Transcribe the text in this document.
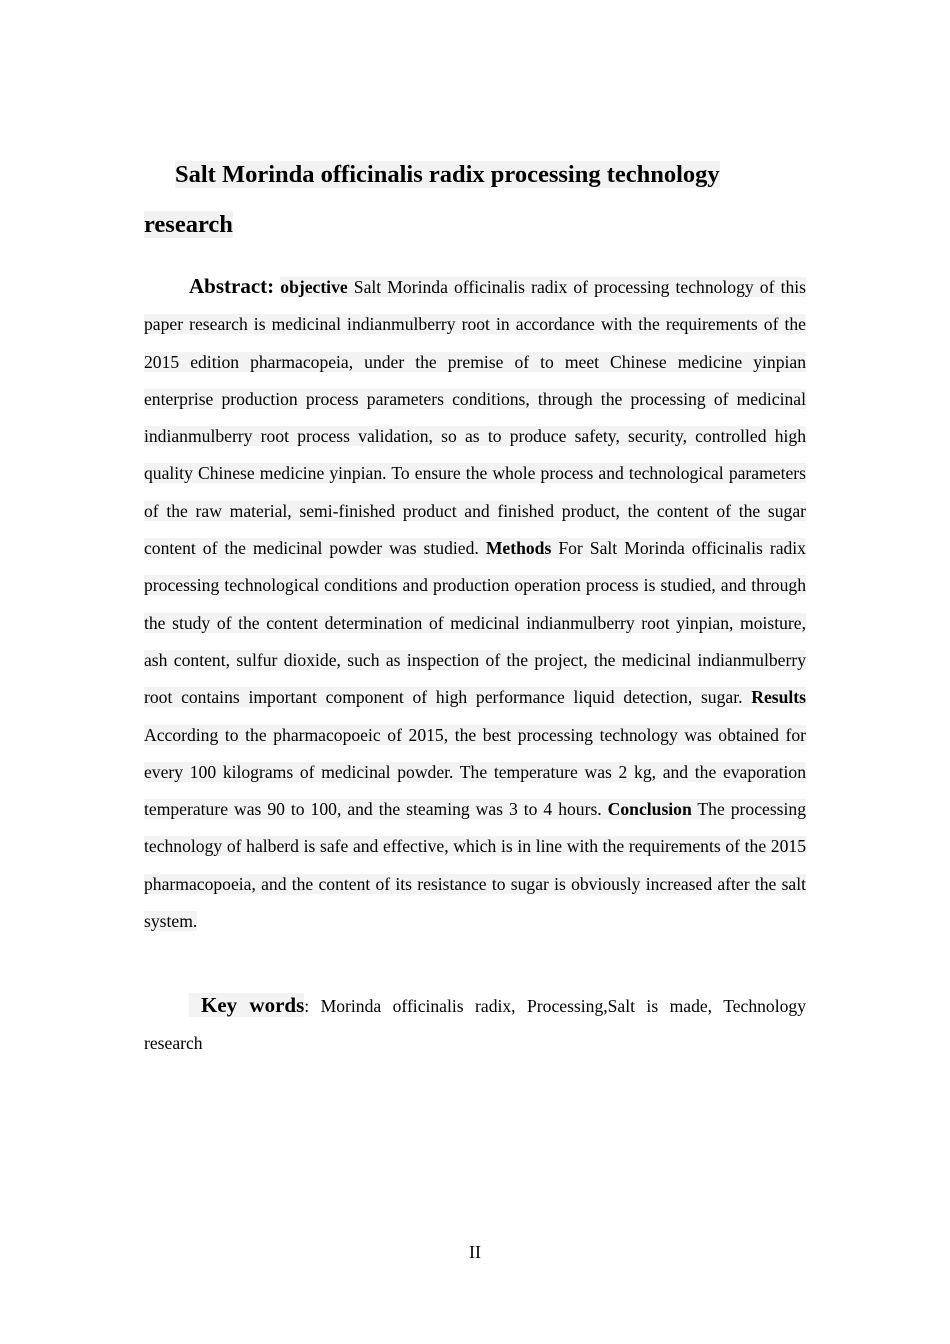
Salt Morinda officinalis radix processing technology research
Abstract: objective Salt Morinda officinalis radix of processing technology of this paper research is medicinal indianmulberry root in accordance with the requirements of the 2015 edition pharmacopeia, under the premise of to meet Chinese medicine yinpian enterprise production process parameters conditions, through the processing of medicinal indianmulberry root process validation, so as to produce safety, security, controlled high quality Chinese medicine yinpian. To ensure the whole process and technological parameters of the raw material, semi-finished product and finished product, the content of the sugar content of the medicinal powder was studied. Methods For Salt Morinda officinalis radix processing technological conditions and production operation process is studied, and through the study of the content determination of medicinal indianmulberry root yinpian, moisture, ash content, sulfur dioxide, such as inspection of the project, the medicinal indianmulberry root contains important component of high performance liquid detection, sugar. Results According to the pharmacopoeic of 2015, the best processing technology was obtained for every 100 kilograms of medicinal powder. The temperature was 2 kg, and the evaporation temperature was 90 to 100, and the steaming was 3 to 4 hours. Conclusion The processing technology of halberd is safe and effective, which is in line with the requirements of the 2015 pharmacopoeia, and the content of its resistance to sugar is obviously increased after the salt system.
Key words: Morinda officinalis radix, Processing,Salt is made, Technology research
II
